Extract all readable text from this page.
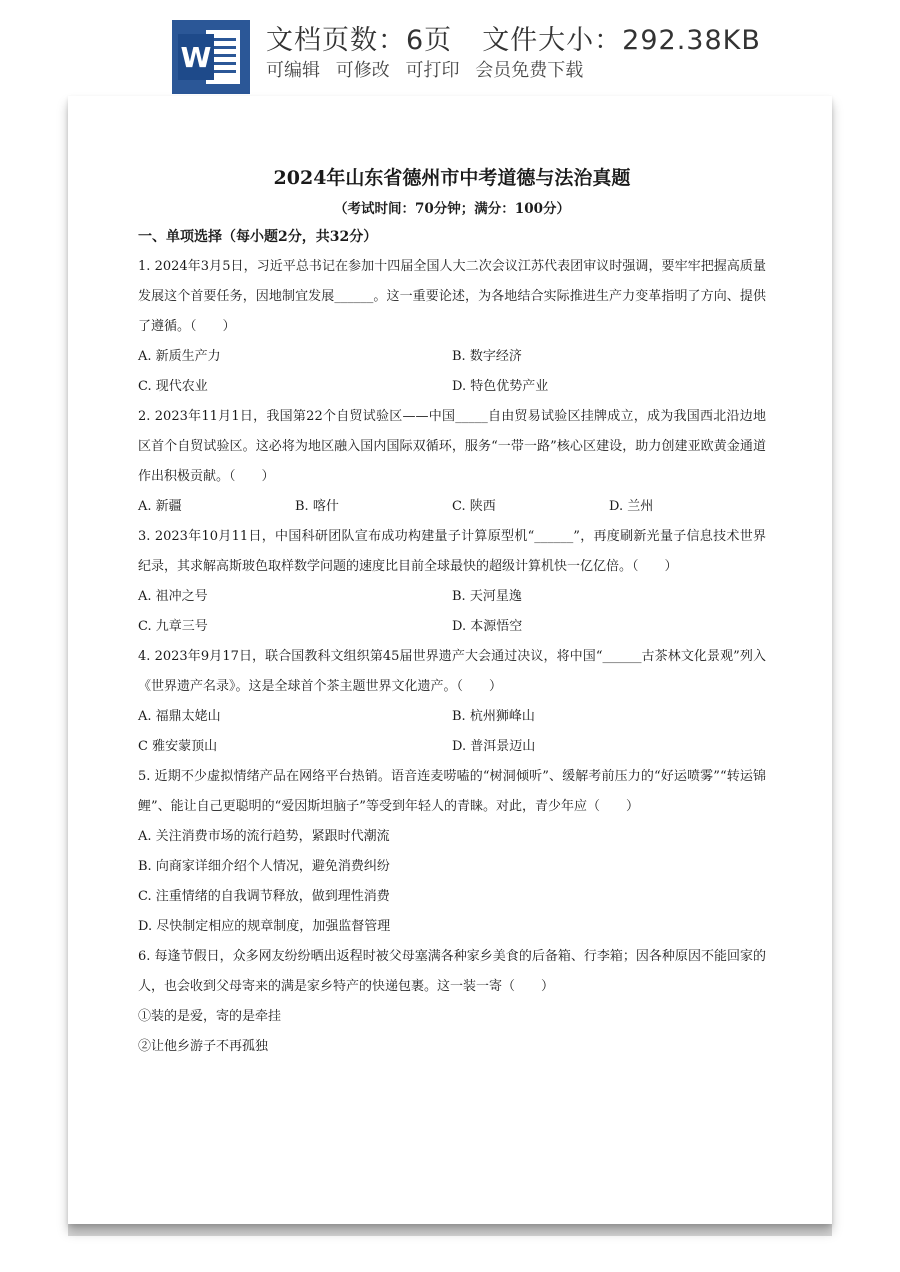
W
文档页数：6页 文件大小：292.38KB
可编辑 可修改 可打印 会员免费下载
2024年山东省德州市中考道德与法治真题
（考试时间：70分钟；满分：100分）
一、单项选择（每小题2分，共32分）
1. 2024年3月5日，习近平总书记在参加十四届全国人大二次会议江苏代表团审议时强调，要牢牢把握高质量发展这个首要任务，因地制宜发展______。这一重要论述，为各地结合实际推进生产力变革指明了方向、提供了遵循。（　　）
A. 新质生产力	B. 数字经济
C. 现代农业	D. 特色优势产业
2. 2023年11月1日，我国第22个自贸试验区——中国_____自由贸易试验区挂牌成立，成为我国西北沿边地区首个自贸试验区。这必将为地区融入国内国际双循环，服务“一带一路”核心区建设，助力创建亚欧黄金通道作出积极贡献。（　　）
A. 新疆	B. 喀什	C. 陕西	D. 兰州
3. 2023年10月11日，中国科研团队宣布成功构建量子计算原型机“______”，再度刷新光量子信息技术世界纪录，其求解高斯玻色取样数学问题的速度比目前全球最快的超级计算机快一亿亿倍。（　　）
A. 祖冲之号	B. 天河星逸
C. 九章三号	D. 本源悟空
4. 2023年9月17日，联合国教科文组织第45届世界遗产大会通过决议，将中国“______古茶林文化景观”列入《世界遗产名录》。这是全球首个茶主题世界文化遗产。（　　）
A. 福鼎太姥山	B. 杭州狮峰山
C 雅安蒙顶山	D. 普洱景迈山
5. 近期不少虚拟情绪产品在网络平台热销。语音连麦唠嗑的“树洞倾听”、缓解考前压力的“好运喷雾”“转运锦鲤”、能让自己更聪明的“爱因斯坦脑子”等受到年轻人的青睐。对此，青少年应（　　）
A. 关注消费市场的流行趋势，紧跟时代潮流
B. 向商家详细介绍个人情况，避免消费纠纷
C. 注重情绪的自我调节释放，做到理性消费
D. 尽快制定相应的规章制度，加强监督管理
6. 每逢节假日，众多网友纷纷晒出返程时被父母塞满各种家乡美食的后备箱、行李箱；因各种原因不能回家的人，也会收到父母寄来的满是家乡特产的快递包裹。这一装一寄（　　）
①装的是爱，寄的是牵挂
②让他乡游子不再孤独
